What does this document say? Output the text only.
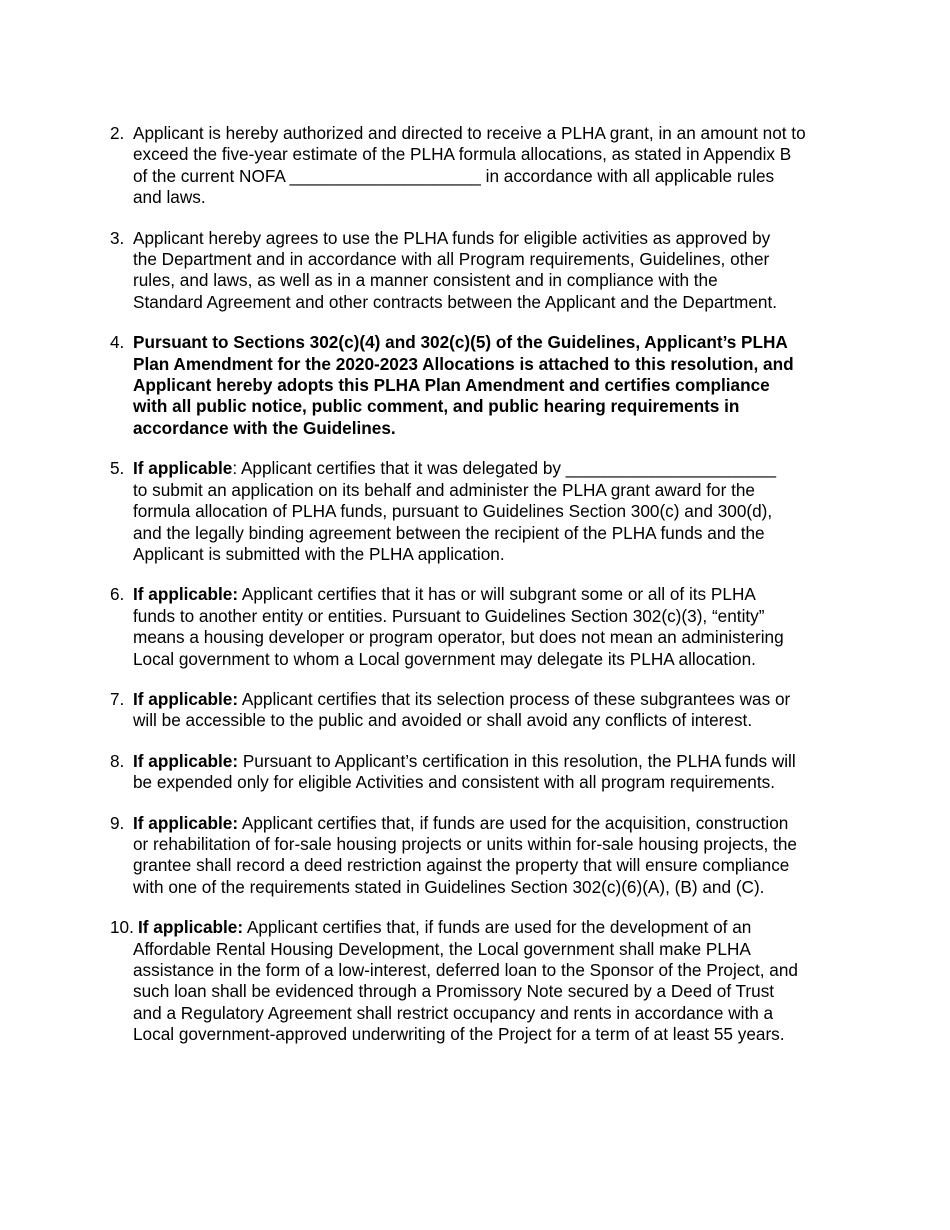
2. Applicant is hereby authorized and directed to receive a PLHA grant, in an amount not to
exceed the five-year estimate of the PLHA formula allocations, as stated in Appendix B
of the current NOFA ____________________ in accordance with all applicable rules
and laws.
3. Applicant hereby agrees to use the PLHA funds for eligible activities as approved by
the Department and in accordance with all Program requirements, Guidelines, other
rules, and laws, as well as in a manner consistent and in compliance with the
Standard Agreement and other contracts between the Applicant and the Department.
4. Pursuant to Sections 302(c)(4) and 302(c)(5) of the Guidelines, Applicant’s PLHA
Plan Amendment for the 2020-2023 Allocations is attached to this resolution, and
Applicant hereby adopts this PLHA Plan Amendment and certifies compliance
with all public notice, public comment, and public hearing requirements in
accordance with the Guidelines.
5. If applicable: Applicant certifies that it was delegated by ______________________
to submit an application on its behalf and administer the PLHA grant award for the
formula allocation of PLHA funds, pursuant to Guidelines Section 300(c) and 300(d),
and the legally binding agreement between the recipient of the PLHA funds and the
Applicant is submitted with the PLHA application.
6. If applicable: Applicant certifies that it has or will subgrant some or all of its PLHA
funds to another entity or entities. Pursuant to Guidelines Section 302(c)(3), “entity”
means a housing developer or program operator, but does not mean an administering
Local government to whom a Local government may delegate its PLHA allocation.
7. If applicable: Applicant certifies that its selection process of these subgrantees was or
will be accessible to the public and avoided or shall avoid any conflicts of interest.
8. If applicable: Pursuant to Applicant’s certification in this resolution, the PLHA funds will
be expended only for eligible Activities and consistent with all program requirements.
9. If applicable: Applicant certifies that, if funds are used for the acquisition, construction
or rehabilitation of for-sale housing projects or units within for-sale housing projects, the
grantee shall record a deed restriction against the property that will ensure compliance
with one of the requirements stated in Guidelines Section 302(c)(6)(A), (B) and (C).
10. If applicable: Applicant certifies that, if funds are used for the development of an
Affordable Rental Housing Development, the Local government shall make PLHA
assistance in the form of a low-interest, deferred loan to the Sponsor of the Project, and
such loan shall be evidenced through a Promissory Note secured by a Deed of Trust
and a Regulatory Agreement shall restrict occupancy and rents in accordance with a
Local government-approved underwriting of the Project for a term of at least 55 years.
